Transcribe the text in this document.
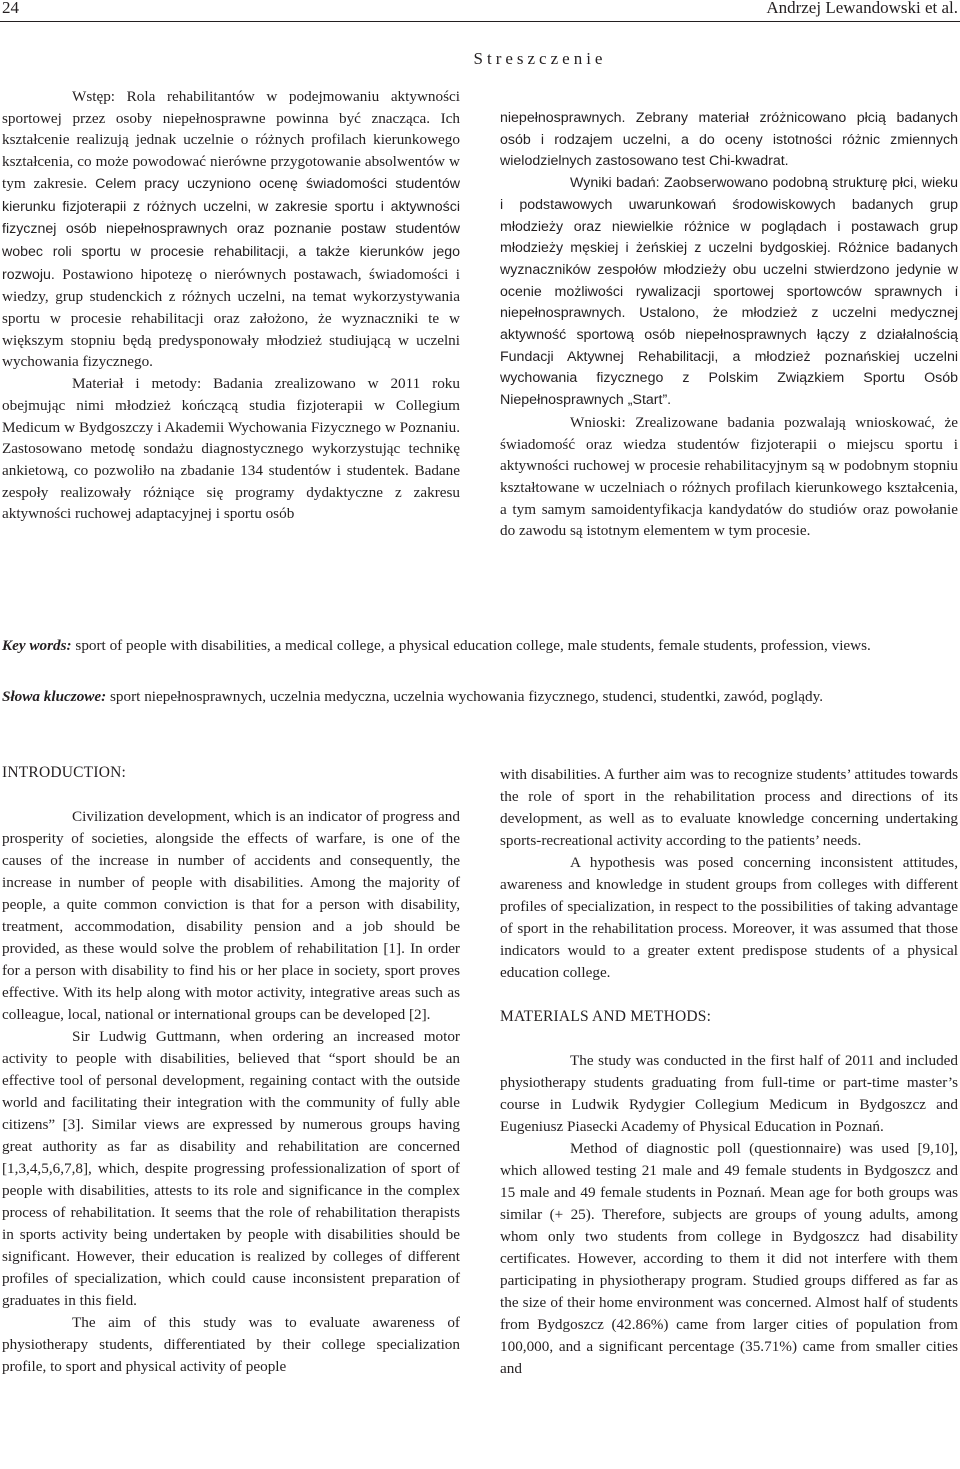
24	Andrzej Lewandowski et al.
Streszczenie

Wstęp: Rola rehabilitantów w podejmowaniu aktywności sportowej przez osoby niepełnosprawne powinna być znacząca. Ich kształcenie realizują jednak uczelnie o różnych profilach kierunkowego kształcenia, co może powodować nierówne przygotowanie absolwentów w tym zakresie. Celem pracy uczyniono ocenę świadomości studentów kierunku fizjoterapii z różnych uczelni, w zakresie sportu i aktywności fizycznej osób niepełnosprawnych oraz poznanie postaw studentów wobec roli sportu w procesie rehabilitacji, a także kierunków jego rozwoju. Postawiono hipotezę o nierównych postawach, świadomości i wiedzy, grup studenckich z różnych uczelni, na temat wykorzystywania sportu w procesie rehabilitacji oraz założono, że wyznaczniki te w większym stopniu będą predysponowały młodzież studiującą w uczelni wychowania fizycznego.

Materiał i metody: Badania zrealizowano w 2011 roku obejmując nimi młodzież kończącą studia fizjoterapii w Collegium Medicum w Bydgoszczy i Akademii Wychowania Fizycznego w Poznaniu. Zastosowano metodę sondażu diagnostycznego wykorzystując technikę ankietową, co pozwoliło na zbadanie 134 studentów i studentek. Badane zespoły realizowały różniące się programy dydaktyczne z zakresu aktywności ruchowej adaptacyjnej i sportu osób

niepełnosprawnych. Zebrany materiał zróżnicowano płcią badanych osób i rodzajem uczelni, a do oceny istotności różnic zmiennych wielodzielnych zastosowano test Chi-kwadrat.

Wyniki badań: Zaobserwowano podobną strukturę płci, wieku i podstawowych uwarunkowań środowiskowych badanych grup młodzieży oraz niewielkie różnice w poglądach i postawach grup młodzieży męskiej i żeńskiej z uczelni bydgoskiej. Różnice badanych wyznaczników zespołów młodzieży obu uczelni stwierdzono jedynie w ocenie możliwości rywalizacji sportowej sportowców sprawnych i niepełnosprawnych. Ustalono, że młodzież z uczelni medycznej aktywność sportową osób niepełnosprawnych łączy z działalnością Fundacji Aktywnej Rehabilitacji, a młodzież poznańskiej uczelni wychowania fizycznego z Polskim Związkiem Sportu Osób Niepełnosprawnych „Start”.

Wnioski: Zrealizowane badania pozwalają wnioskować, że świadomość oraz wiedza studentów fizjoterapii o miejscu sportu i aktywności ruchowej w procesie rehabilitacyjnym są w podobnym stopniu kształtowane w uczelniach o różnych profilach kierunkowego kształcenia, a tym samym samoidentyfikacja kandydatów do studiów oraz powołanie do zawodu są istotnym elementem w tym procesie.

Key words: sport of people with disabilities, a medical college, a physical education college, male students, female students, profession, views.
Słowa kluczowe: sport niepełnosprawnych, uczelnia medyczna, uczelnia wychowania fizycznego, studenci, studentki, zawód, poglądy.

INTRODUCTION:

Civilization development, which is an indicator of progress and prosperity of societies, alongside the effects of warfare, is one of the causes of the increase in number of accidents and consequently, the increase in number of people with disabilities. Among the majority of people, a quite common conviction is that for a person with disability, treatment, accommodation, disability pension and a job should be provided, as these would solve the problem of rehabilitation [1]. In order for a person with disability to find his or her place in society, sport proves effective. With its help along with motor activity, integrative areas such as colleague, local, national or international groups can be developed [2].

Sir Ludwig Guttmann, when ordering an increased motor activity to people with disabilities, believed that “sport should be an effective tool of personal development, regaining contact with the outside world and facilitating their integration with the community of fully able citizens” [3]. Similar views are expressed by numerous groups having great authority as far as disability and rehabilitation are concerned [1,3,4,5,6,7,8], which, despite progressing professionalization of sport of people with disabilities, attests to its role and significance in the complex process of rehabilitation. It seems that the role of rehabilitation therapists in sports activity being undertaken by people with disabilities should be significant. However, their education is realized by colleges of different profiles of specialization, which could cause inconsistent preparation of graduates in this field.

The aim of this study was to evaluate awareness of physiotherapy students, differentiated by their college specialization profile, to sport and physical activity of people

with disabilities. A further aim was to recognize students’ attitudes towards the role of sport in the rehabilitation process and directions of its development, as well as to evaluate knowledge concerning undertaking sports-recreational activity according to the patients’ needs.

A hypothesis was posed concerning inconsistent attitudes, awareness and knowledge in student groups from colleges with different profiles of specialization, in respect to the possibilities of taking advantage of sport in the rehabilitation process. Moreover, it was assumed that those indicators would to a greater extent predispose students of a physical education college.

MATERIALS AND METHODS:

The study was conducted in the first half of 2011 and included physiotherapy students graduating from full-time or part-time master’s course in Ludwik Rydygier Collegium Medicum in Bydgoszcz and Eugeniusz Piasecki Academy of Physical Education in Poznań.

Method of diagnostic poll (questionnaire) was used [9,10], which allowed testing 21 male and 49 female students in Bydgoszcz and 15 male and 49 female students in Poznań. Mean age for both groups was similar (+ 25). Therefore, subjects are groups of young adults, among whom only two students from college in Bydgoszcz had disability certificates. However, according to them it did not interfere with them participating in physiotherapy program. Studied groups differed as far as the size of their home environment was concerned. Almost half of students from Bydgoszcz (42.86%) came from larger cities of population from 100,000, and a significant percentage (35.71%) came from smaller cities and
